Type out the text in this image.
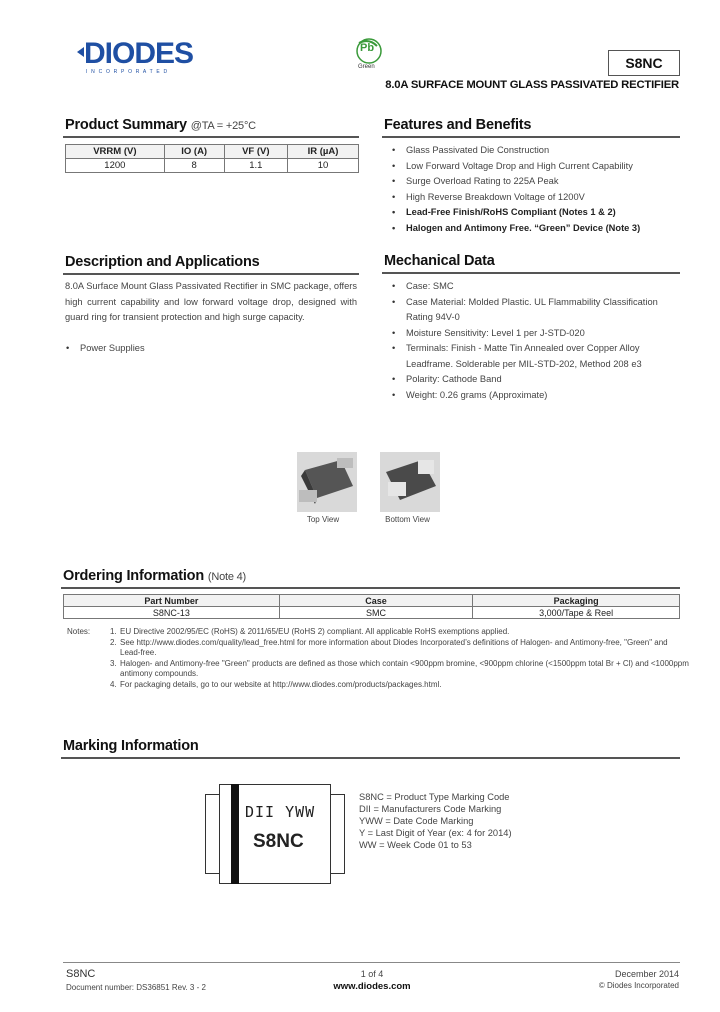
DIODES
I N C O R P O R A T E D
Pb
Green	S8NC
8.0A SURFACE MOUNT GLASS PASSIVATED RECTIFIER
Product Summary @TA = +25°C
VRRM (V)	IO (A)	VF (V)	IR (µA)
1200	8	1.1	10
Features and Benefits
• Glass Passivated Die Construction
• Low Forward Voltage Drop and High Current Capability
• Surge Overload Rating to 225A Peak
• High Reverse Breakdown Voltage of 1200V
• Lead-Free Finish/RoHS Compliant (Notes 1 & 2)
• Halogen and Antimony Free. “Green” Device (Note 3)
Description and Applications
8.0A Surface Mount Glass Passivated Rectifier in SMC package, offers high current capability and low forward voltage drop, designed with guard ring for transient protection and high surge capacity.
• Power Supplies
Mechanical Data
• Case: SMC
• Case Material: Molded Plastic. UL Flammability Classification Rating 94V-0
• Moisture Sensitivity: Level 1 per J-STD-020
• Terminals: Finish - Matte Tin Annealed over Copper Alloy Leadframe. Solderable per MIL-STD-202, Method 208 e3
• Polarity: Cathode Band
• Weight: 0.26 grams (Approximate)
Top View	Bottom View
Ordering Information (Note 4)
Part Number	Case	Packaging
S8NC-13	SMC	3,000/Tape & Reel
Notes: 1. EU Directive 2002/95/EC (RoHS) & 2011/65/EU (RoHS 2) compliant. All applicable RoHS exemptions applied.
2. See http://www.diodes.com/quality/lead_free.html for more information about Diodes Incorporated’s definitions of Halogen- and Antimony-free, "Green" and Lead-free.
3. Halogen- and Antimony-free "Green" products are defined as those which contain <900ppm bromine, <900ppm chlorine (<1500ppm total Br + Cl) and <1000ppm antimony compounds.
4. For packaging details, go to our website at http://www.diodes.com/products/packages.html.
Marking Information
DII YWW
S8NC
S8NC = Product Type Marking Code
DII = Manufacturers Code Marking
YWW = Date Code Marking
Y = Last Digit of Year (ex: 4 for 2014)
WW = Week Code 01 to 53
S8NC
Document number: DS36851 Rev. 3 - 2
1 of 4
www.diodes.com
December 2014
© Diodes Incorporated
